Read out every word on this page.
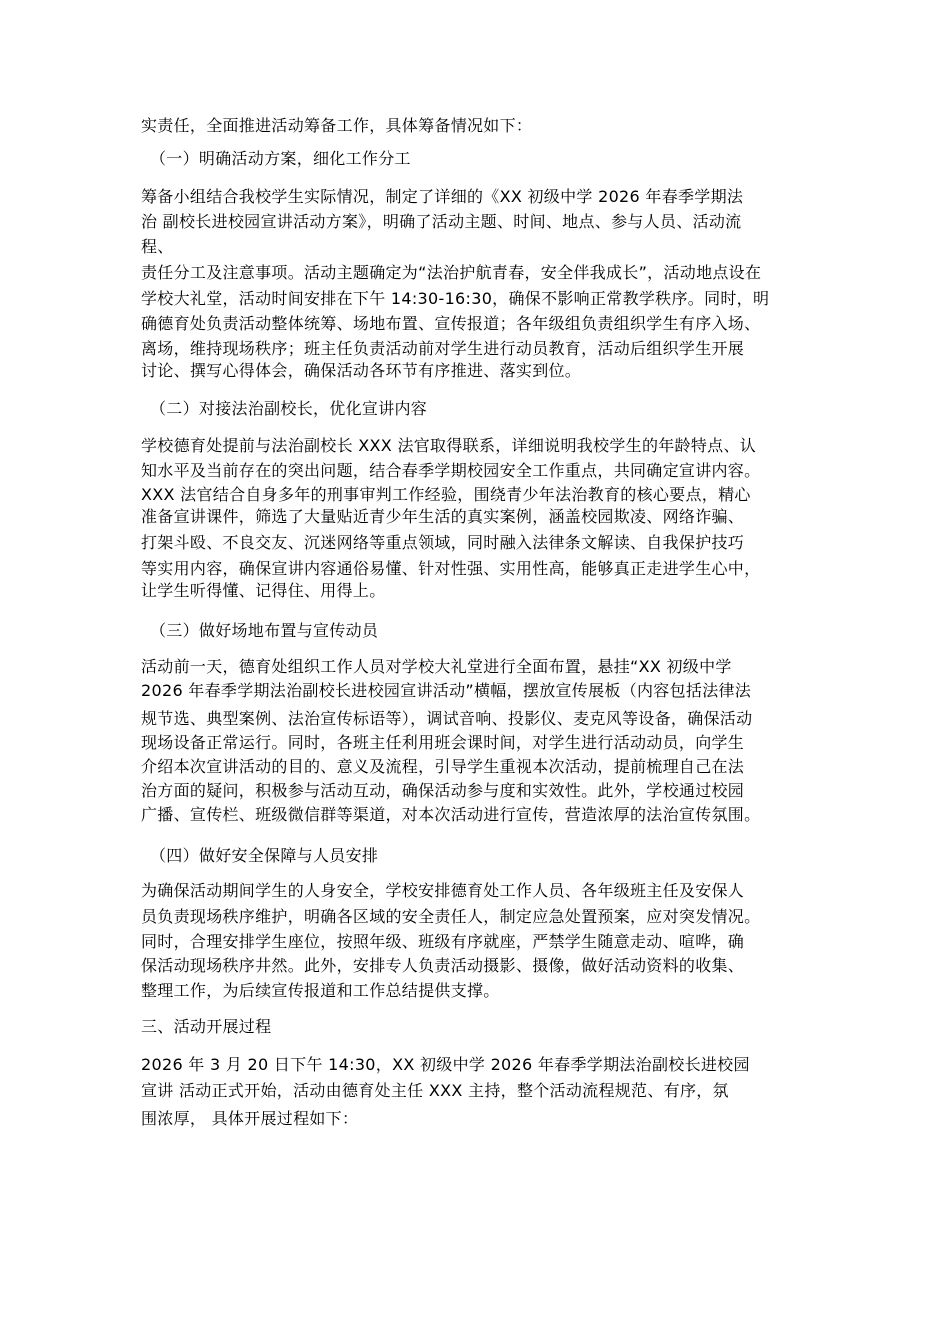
实责任，全面推进活动筹备工作，具体筹备情况如下：

（一）明确活动方案，细化工作分工

筹备小组结合我校学生实际情况，制定了详细的《XX 初级中学 2026 年春季学期法

治 副校长进校园宣讲活动方案》，明确了活动主题、时间、地点、参与人员、活动流

程、

责任分工及注意事项。活动主题确定为“法治护航青春，安全伴我成长”，活动地点设在

学校大礼堂，活动时间安排在下午 14:30-16:30，确保不影响正常教学秩序。同时，明

确德育处负责活动整体统筹、场地布置、宣传报道；各年级组负责组织学生有序入场、

离场，维持现场秩序；班主任负责活动前对学生进行动员教育，活动后组织学生开展

讨论、撰写心得体会，确保活动各环节有序推进、落实到位。

（二）对接法治副校长，优化宣讲内容

学校德育处提前与法治副校长 XXX 法官取得联系，详细说明我校学生的年龄特点、认

知水平及当前存在的突出问题，结合春季学期校园安全工作重点，共同确定宣讲内容。

XXX 法官结合自身多年的刑事审判工作经验，围绕青少年法治教育的核心要点，精心

准备宣讲课件，筛选了大量贴近青少年生活的真实案例，涵盖校园欺凌、网络诈骗、

打架斗殴、不良交友、沉迷网络等重点领域，同时融入法律条文解读、自我保护技巧

等实用内容，确保宣讲内容通俗易懂、针对性强、实用性高，能够真正走进学生心中，

让学生听得懂、记得住、用得上。

（三）做好场地布置与宣传动员

活动前一天，德育处组织工作人员对学校大礼堂进行全面布置，悬挂“XX 初级中学

2026 年春季学期法治副校长进校园宣讲活动”横幅，摆放宣传展板（内容包括法律法

规节选、典型案例、法治宣传标语等），调试音响、投影仪、麦克风等设备，确保活动

现场设备正常运行。同时，各班主任利用班会课时间，对学生进行活动动员，向学生

介绍本次宣讲活动的目的、意义及流程，引导学生重视本次活动，提前梳理自己在法

治方面的疑问，积极参与活动互动，确保活动参与度和实效性。此外，学校通过校园

广播、宣传栏、班级微信群等渠道，对本次活动进行宣传，营造浓厚的法治宣传氛围。

（四）做好安全保障与人员安排

为确保活动期间学生的人身安全，学校安排德育处工作人员、各年级班主任及安保人

员负责现场秩序维护，明确各区域的安全责任人，制定应急处置预案，应对突发情况。

同时，合理安排学生座位，按照年级、班级有序就座，严禁学生随意走动、喧哗，确

保活动现场秩序井然。此外，安排专人负责活动摄影、摄像，做好活动资料的收集、

整理工作，为后续宣传报道和工作总结提供支撑。

三、活动开展过程

2026 年 3 月 20 日下午 14:30，XX 初级中学 2026 年春季学期法治副校长进校园

宣讲 活动正式开始，活动由德育处主任 XXX 主持，整个活动流程规范、有序，氛

围浓厚， 具体开展过程如下：
